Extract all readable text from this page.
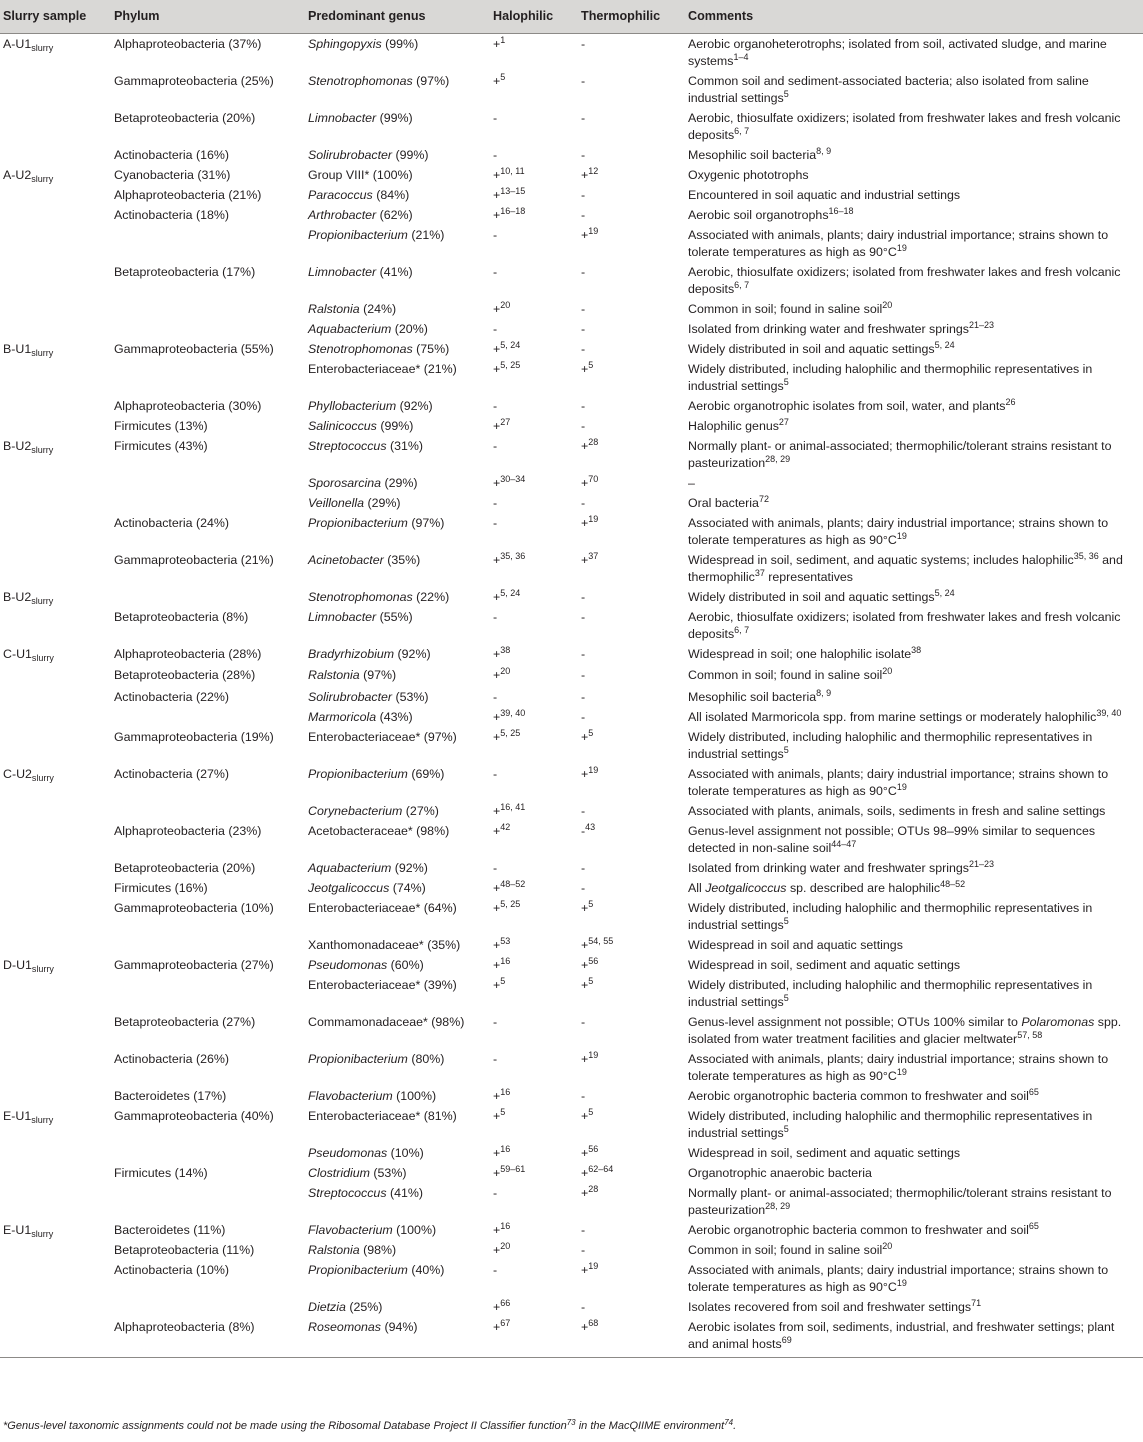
Slurry sample	Phylum	Predominant genus	Halophilic	Thermophilic	Comments
$A-U1_{slurry}$	Alphaproteobacteria (37%)	Sphingopyxis (99%)	+$^1$	-	Aerobic organoheterotrophs; isolated from soil, activated sludge, and marine systems$^{1-4}$
	Gammaproteobacteria (25%)	Stenotrophomonas (97%)	+$^5$	-	Common soil and sediment-associated bacteria; also isolated from saline industrial settings$^5$
	Betaproteobacteria (20%)	Limnobacter (99%)	-	-	Aerobic, thiosulfate oxidizers; isolated from freshwater lakes and fresh volcanic deposits$^{6, 7}$
	Actinobacteria (16%)	Solirubrobacter (99%)	-	-	Mesophilic soil bacteria$^{8, 9}$
$A-U2_{slurry}$	Cyanobacteria (31%)	Group VIII* (100%)	+$^{10, 11}$	+$^{12}$	Oxygenic phototrophs
	Alphaproteobacteria (21%)	Paracoccus (84%)	+$^{13-15}$	-	Encountered in soil aquatic and industrial settings
	Actinobacteria (18%)	Arthrobacter (62%)	+$^{16-18}$	-	Aerobic soil organotrophs$^{16-18}$
		Propionibacterium (21%)	-	+$^{19}$	Associated with animals, plants; dairy industrial importance; strains shown to tolerate temperatures as high as $90^\circ C^{19}$
	Betaproteobacteria (17%)	Limnobacter (41%)	-	-	Aerobic, thiosulfate oxidizers; isolated from freshwater lakes and fresh volcanic deposits$^{6, 7}$
		Ralstonia (24%)	+$^{20}$	-	Common in soil; found in saline soil$^{20}$
		Aquabacterium (20%)	-	-	Isolated from drinking water and freshwater springs$^{21-23}$
$B-U1_{slurry}$	Gammaproteobacteria (55%)	Stenotrophomonas (75%)	+$^{5, 24}$	-	Widely distributed in soil and aquatic settings$^{5, 24}$
		Enterobacteriaceae* (21%)	+$^{5, 25}$	+$^5$	Widely distributed, including halophilic and thermophilic representatives in industrial settings$^5$
	Alphaproteobacteria (30%)	Phyllobacterium (92%)	-	-	Aerobic organotrophic isolates from soil, water, and plants$^{26}$
	Firmicutes (13%)	Salinicoccus (99%)	+$^{27}$	-	Halophilic genus$^{27}$
$B-U2_{slurry}$	Firmicutes (43%)	Streptococcus (31%)	-	+$^{28}$	Normally plant- or animal-associated; thermophilic/tolerant strains resistant to pasteurization$^{28, 29}$
		Sporosarcina (29%)	+$^{30-34}$	+$^{70}$	–
		Veillonella (29%)	-	-	Oral bacteria$^{72}$
	Actinobacteria (24%)	Propionibacterium (97%)	-	+$^{19}$	Associated with animals, plants; dairy industrial importance; strains shown to tolerate temperatures as high as $90^\circ C^{19}$
	Gammaproteobacteria (21%)	Acinetobacter (35%)	+$^{35, 36}$	+$^{37}$	Widespread in soil, sediment, and aquatic systems; includes halophilic$^{35, 36}$ and thermophilic$^{37}$ representatives
$B-U2_{slurry}$		Stenotrophomonas (22%)	+$^{5, 24}$	-	Widely distributed in soil and aquatic settings$^{5, 24}$
	Betaproteobacteria (8%)	Limnobacter (55%)	-	-	Aerobic, thiosulfate oxidizers; isolated from freshwater lakes and fresh volcanic deposits$^{6, 7}$
$C-U1_{slurry}$	Alphaproteobacteria (28%)	Bradyrhizobium (92%)	+$^{38}$	-	Widespread in soil; one halophilic isolate$^{38}$
	Betaproteobacteria (28%)	Ralstonia (97%)	+$^{20}$	-	Common in soil; found in saline soil$^{20}$
	Actinobacteria (22%)	Solirubrobacter (53%)	-	-	Mesophilic soil bacteria$^{8, 9}$
		Marmoricola (43%)	+$^{39, 40}$	-	All isolated Marmoricola spp. from marine settings or moderately halophilic$^{39, 40}$
	Gammaproteobacteria (19%)	Enterobacteriaceae* (97%)	+$^{5, 25}$	+$^5$	Widely distributed, including halophilic and thermophilic representatives in industrial settings$^5$
$C-U2_{slurry}$	Actinobacteria (27%)	Propionibacterium (69%)	-	+$^{19}$	Associated with animals, plants; dairy industrial importance; strains shown to tolerate temperatures as high as $90^\circ C^{19}$
		Corynebacterium (27%)	+$^{16, 41}$	-	Associated with plants, animals, soils, sediments in fresh and saline settings
	Alphaproteobacteria (23%)	Acetobacteraceae* (98%)	+$^{42}$	-$^{43}$	Genus-level assignment not possible; OTUs 98–99% similar to sequences detected in non-saline soil$^{44-47}$
	Betaproteobacteria (20%)	Aquabacterium (92%)	-	-	Isolated from drinking water and freshwater springs$^{21-23}$
	Firmicutes (16%)	Jeotgalicoccus (74%)	+$^{48-52}$	-	All Jeotgalicoccus sp. described are halophilic$^{48-52}$
	Gammaproteobacteria (10%)	Enterobacteriaceae* (64%)	+$^{5, 25}$	+$^5$	Widely distributed, including halophilic and thermophilic representatives in industrial settings$^5$
		Xanthomonadaceae* (35%)	+$^{53}$	+$^{54, 55}$	Widespread in soil and aquatic settings
$D-U1_{slurry}$	Gammaproteobacteria (27%)	Pseudomonas (60%)	+$^{16}$	+$^{56}$	Widespread in soil, sediment and aquatic settings
		Enterobacteriaceae* (39%)	+$^5$	+$^5$	Widely distributed, including halophilic and thermophilic representatives in industrial settings$^5$
	Betaproteobacteria (27%)	Commamonadaceae* (98%)	-	-	Genus-level assignment not possible; OTUs 100% similar to Polaromonas spp. isolated from water treatment facilities and glacier meltwater$^{57, 58}$
	Actinobacteria (26%)	Propionibacterium (80%)	-	+$^{19}$	Associated with animals, plants; dairy industrial importance; strains shown to tolerate temperatures as high as $90^\circ C^{19}$
	Bacteroidetes (17%)	Flavobacterium (100%)	+$^{16}$	-	Aerobic organotrophic bacteria common to freshwater and soil$^{65}$
$E-U1_{slurry}$	Gammaproteobacteria (40%)	Enterobacteriaceae* (81%)	+$^5$	+$^5$	Widely distributed, including halophilic and thermophilic representatives in industrial settings$^5$
		Pseudomonas (10%)	+$^{16}$	+$^{56}$	Widespread in soil, sediment and aquatic settings
	Firmicutes (14%)	Clostridium (53%)	+$^{59-61}$	+$^{62-64}$	Organotrophic anaerobic bacteria
		Streptococcus (41%)	-	+$^{28}$	Normally plant- or animal-associated; thermophilic/tolerant strains resistant to pasteurization$^{28, 29}$
$E-U1_{slurry}$	Bacteroidetes (11%)	Flavobacterium (100%)	+$^{16}$	-	Aerobic organotrophic bacteria common to freshwater and soil$^{65}$
	Betaproteobacteria (11%)	Ralstonia (98%)	+$^{20}$	-	Common in soil; found in saline soil$^{20}$
	Actinobacteria (10%)	Propionibacterium (40%)	-	+$^{19}$	Associated with animals, plants; dairy industrial importance; strains shown to tolerate temperatures as high as $90^\circ C^{19}$
		Dietzia (25%)	+$^{66}$	-	Isolates recovered from soil and freshwater settings$^{71}$
	Alphaproteobacteria (8%)	Roseomonas (94%)	+$^{67}$	+$^{68}$	Aerobic isolates from soil, sediments, industrial, and freshwater settings; plant and animal hosts$^{69}$
*Genus-level taxonomic assignments could not be made using the Ribosomal Database Project II Classifier function$^{73}$ in the MacQIIME environment$^{74}$.
